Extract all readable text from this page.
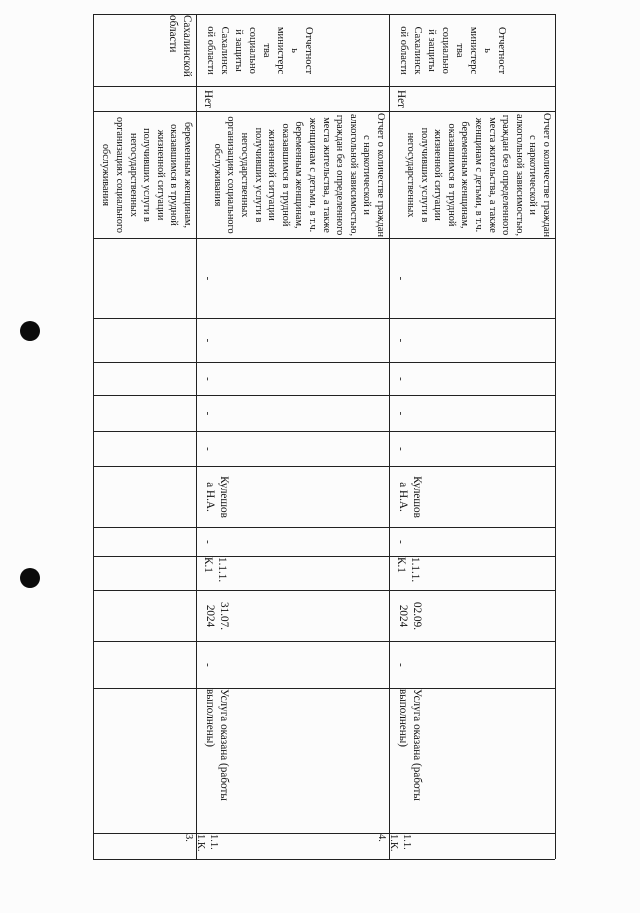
Сахалинской области
беременным женщинам, оказавшимся в трудной жизненной ситуации получивших услуги в негосударственных организациях социального обслуживания
1.1.
1.К.
3.
Услуга оказана (работы
выполнены)
-
31.07.
2024
1.1.1.
К.1
-
Кулешов
а Н.А.
-
-
-
-
-
Отчет о количестве граждан
с наркотической и
алкогольной зависимостью,
граждан без определенного
места жительства, а также
женщинам с детьми, в т.ч.
беременным женщинам,
оказавшимся в трудной
жизненной ситуации
получивших услуги в
негосударственных
организациях социального
обслуживания
Нет
Отчетност
ь
министерс
тва
социально
й защиты
Сахалинск
ой области
1.1.
1.К.
4.
Услуга оказана (работы
выполнены)
-
02.09.
2024
1.1.1.
К.1
-
Кулешов
а Н.А.
-
-
-
-
-
Отчет о количестве граждан
с наркотической и
алкогольной зависимостью,
граждан без определенного
места жительства, а также
женщинам с детьми, в т.ч.
беременным женщинам,
оказавшимся в трудной
жизненной ситуации
получивших услуги в
негосударственных
Нет
Отчетност
ь
министерс
тва
социально
й защиты
Сахалинск
ой области
